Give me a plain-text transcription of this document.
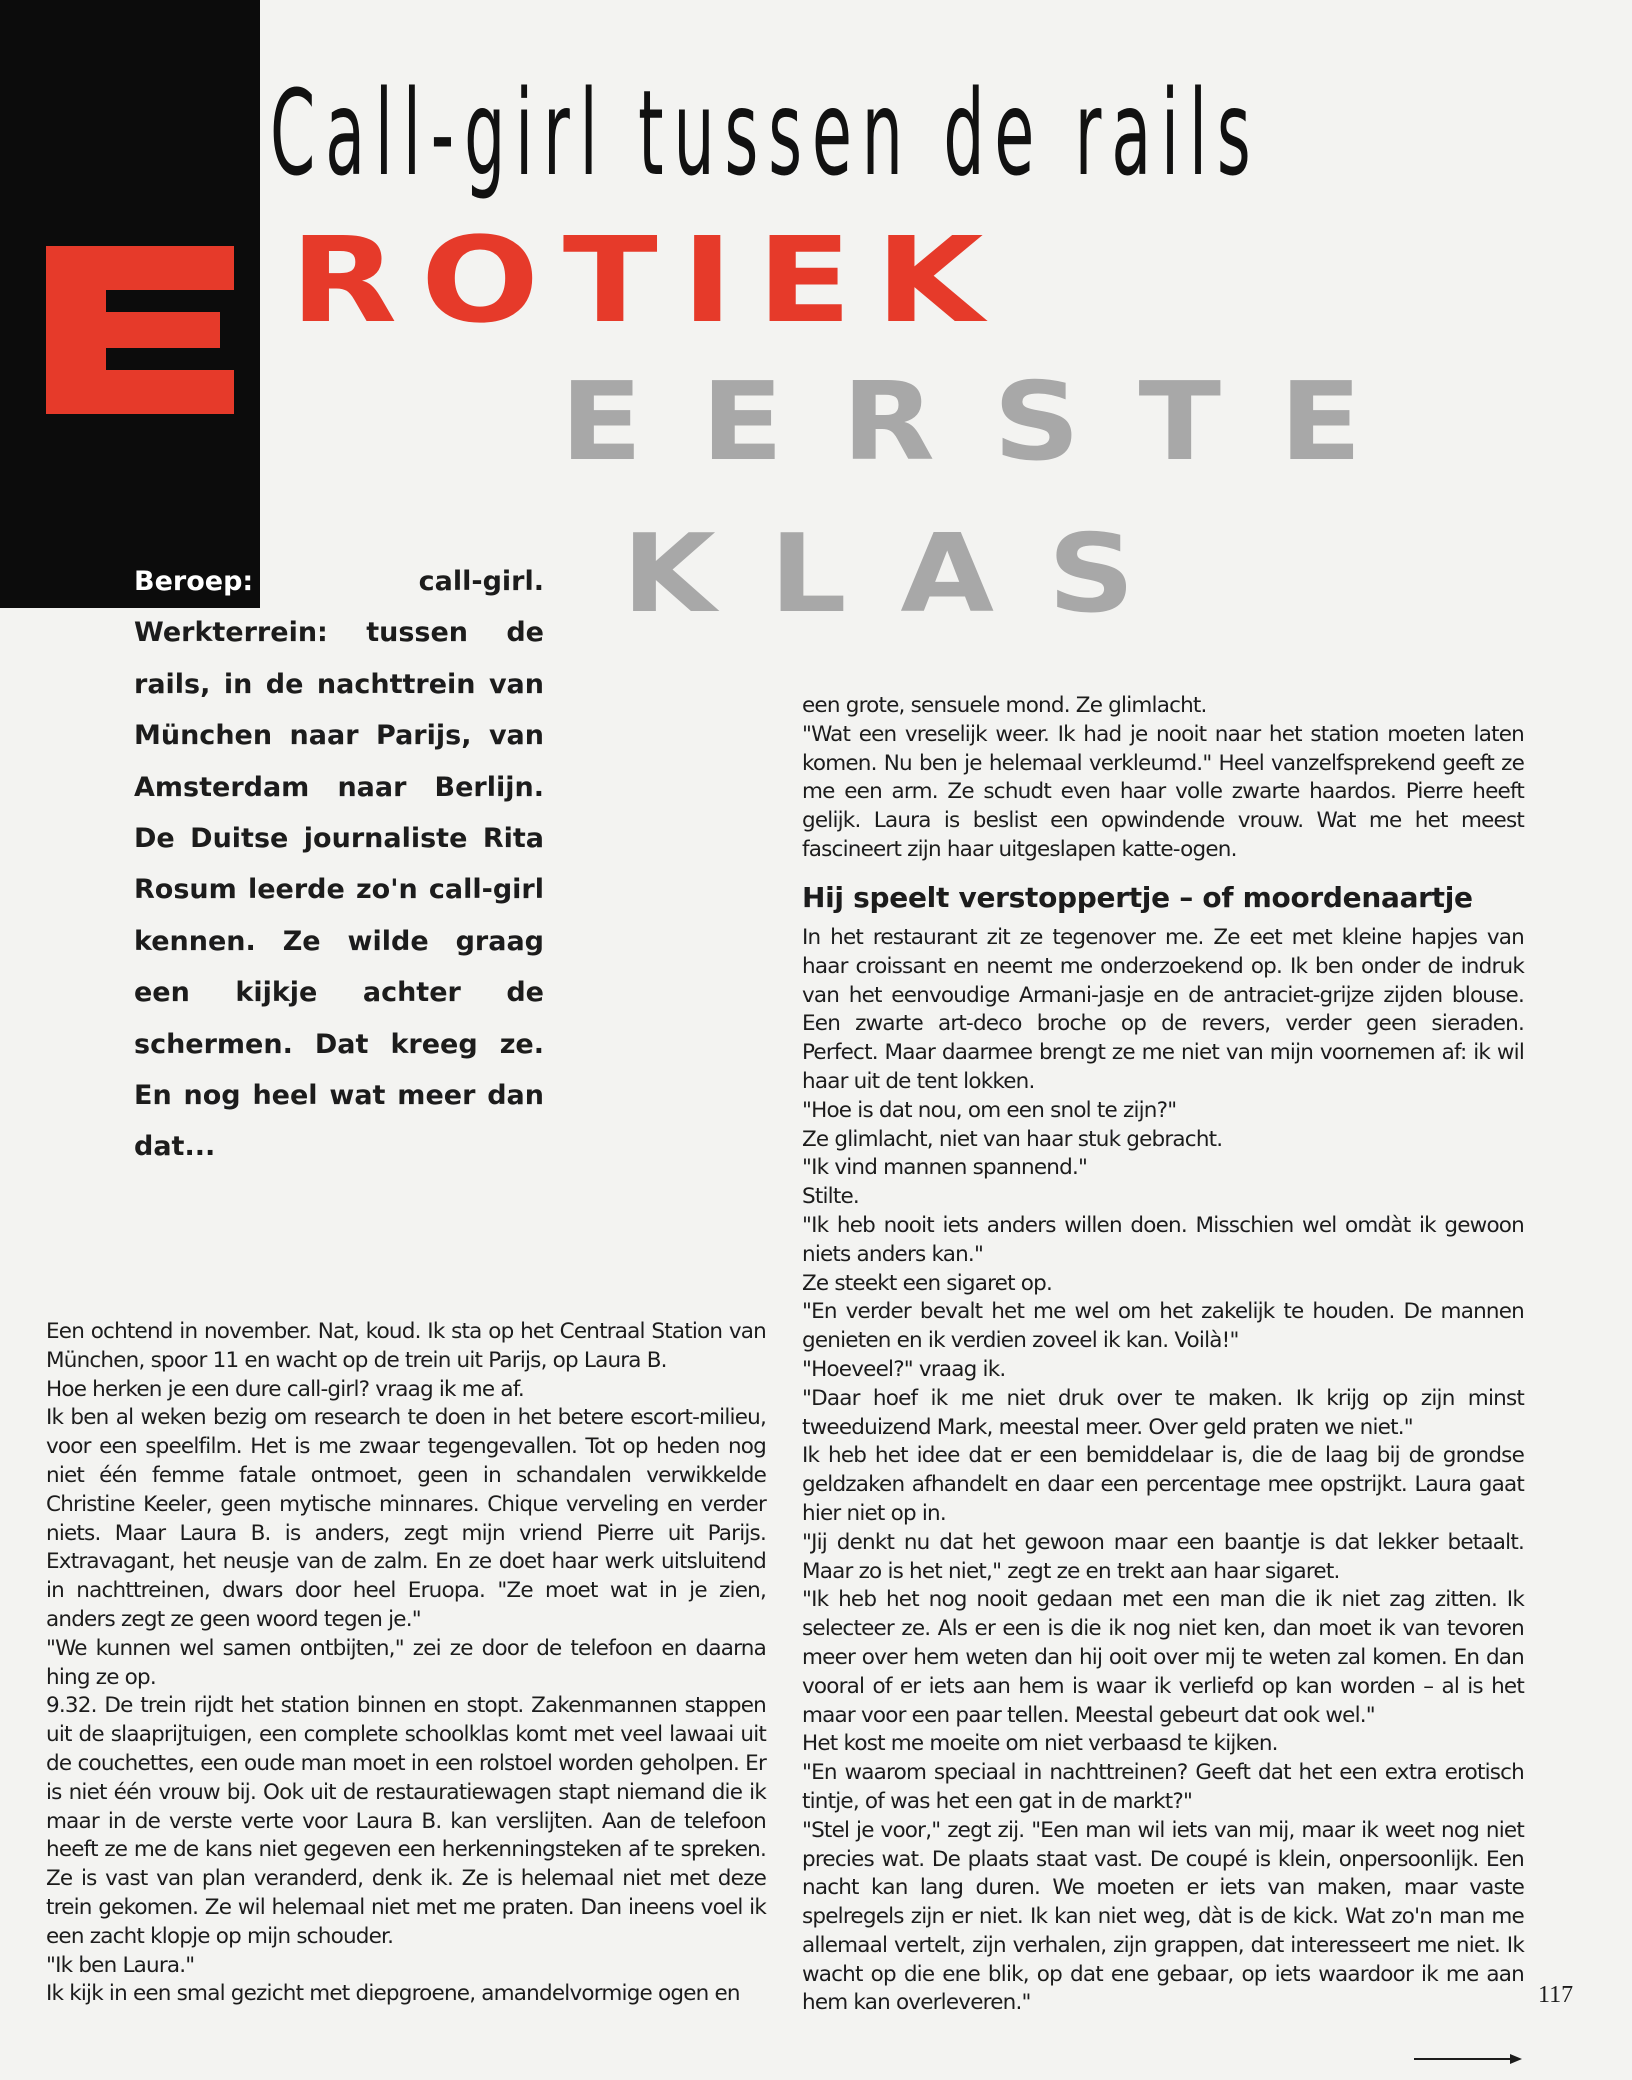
Call-girl tussen de rails
ROTIEK
EERSTE
KLAS

Beroep: call-girl. Werkterrein: tussen de rails, in de nachttrein van München naar Parijs, van Amsterdam naar Berlijn. De Duitse journaliste Rita Rosum leerde zo'n call-girl kennen. Ze wilde graag een kijkje achter de schermen. Dat kreeg ze. En nog heel wat meer dan dat...

Een ochtend in november. Nat, koud. Ik sta op het Centraal Station van München, spoor 11 en wacht op de trein uit Parijs, op Laura B.

Hoe herken je een dure call-girl? vraag ik me af.

Ik ben al weken bezig om research te doen in het betere escort-milieu, voor een speelfilm. Het is me zwaar tegengevallen. Tot op heden nog niet één femme fatale ontmoet, geen in schandalen verwikkelde Christine Keeler, geen mytische minnares. Chique verveling en verder niets. Maar Laura B. is anders, zegt mijn vriend Pierre uit Parijs. Extravagant, het neusje van de zalm. En ze doet haar werk uitsluitend in nachttreinen, dwars door heel Eruopa. "Ze moet wat in je zien, anders zegt ze geen woord tegen je."

"We kunnen wel samen ontbijten," zei ze door de telefoon en daarna hing ze op.

9.32. De trein rijdt het station binnen en stopt. Zakenmannen stappen uit de slaaprijtuigen, een complete schoolklas komt met veel lawaai uit de couchettes, een oude man moet in een rolstoel worden geholpen. Er is niet één vrouw bij. Ook uit de restauratiewagen stapt niemand die ik maar in de verste verte voor Laura B. kan verslijten. Aan de telefoon heeft ze me de kans niet gegeven een herkenningsteken af te spreken. Ze is vast van plan veranderd, denk ik. Ze is helemaal niet met deze trein gekomen. Ze wil helemaal niet met me praten. Dan ineens voel ik een zacht klopje op mijn schouder.

"Ik ben Laura."

Ik kijk in een smal gezicht met diepgroene, amandelvormige ogen en

een grote, sensuele mond. Ze glimlacht.

"Wat een vreselijk weer. Ik had je nooit naar het station moeten laten komen. Nu ben je helemaal verkleumd." Heel vanzelfsprekend geeft ze me een arm. Ze schudt even haar volle zwarte haardos. Pierre heeft gelijk. Laura is beslist een opwindende vrouw. Wat me het meest fascineert zijn haar uitgeslapen katte-ogen.

Hij speelt verstoppertje – of moordenaartje

In het restaurant zit ze tegenover me. Ze eet met kleine hapjes van haar croissant en neemt me onderzoekend op. Ik ben onder de indruk van het eenvoudige Armani-jasje en de antraciet-grijze zijden blouse. Een zwarte art-deco broche op de revers, verder geen sieraden. Perfect. Maar daarmee brengt ze me niet van mijn voornemen af: ik wil haar uit de tent lokken.

"Hoe is dat nou, om een snol te zijn?"

Ze glimlacht, niet van haar stuk gebracht.

"Ik vind mannen spannend."

Stilte.

"Ik heb nooit iets anders willen doen. Misschien wel omdàt ik gewoon niets anders kan."

Ze steekt een sigaret op.

"En verder bevalt het me wel om het zakelijk te houden. De mannen genieten en ik verdien zoveel ik kan. Voilà!"

"Hoeveel?" vraag ik.

"Daar hoef ik me niet druk over te maken. Ik krijg op zijn minst tweeduizend Mark, meestal meer. Over geld praten we niet."

Ik heb het idee dat er een bemiddelaar is, die de laag bij de grondse geldzaken afhandelt en daar een percentage mee opstrijkt. Laura gaat hier niet op in.

"Jij denkt nu dat het gewoon maar een baantje is dat lekker betaalt. Maar zo is het niet," zegt ze en trekt aan haar sigaret.

"Ik heb het nog nooit gedaan met een man die ik niet zag zitten. Ik selecteer ze. Als er een is die ik nog niet ken, dan moet ik van tevoren meer over hem weten dan hij ooit over mij te weten zal komen. En dan vooral of er iets aan hem is waar ik verliefd op kan worden – al is het maar voor een paar tellen. Meestal gebeurt dat ook wel."

Het kost me moeite om niet verbaasd te kijken.

"En waarom speciaal in nachttreinen? Geeft dat het een extra erotisch tintje, of was het een gat in de markt?"

"Stel je voor," zegt zij. "Een man wil iets van mij, maar ik weet nog niet precies wat. De plaats staat vast. De coupé is klein, onpersoonlijk. Een nacht kan lang duren. We moeten er iets van maken, maar vaste spelregels zijn er niet. Ik kan niet weg, dàt is de kick. Wat zo'n man me allemaal vertelt, zijn verhalen, zijn grappen, dat interesseert me niet. Ik wacht op die ene blik, op dat ene gebaar, op iets waardoor ik me aan hem kan overleveren."	117
